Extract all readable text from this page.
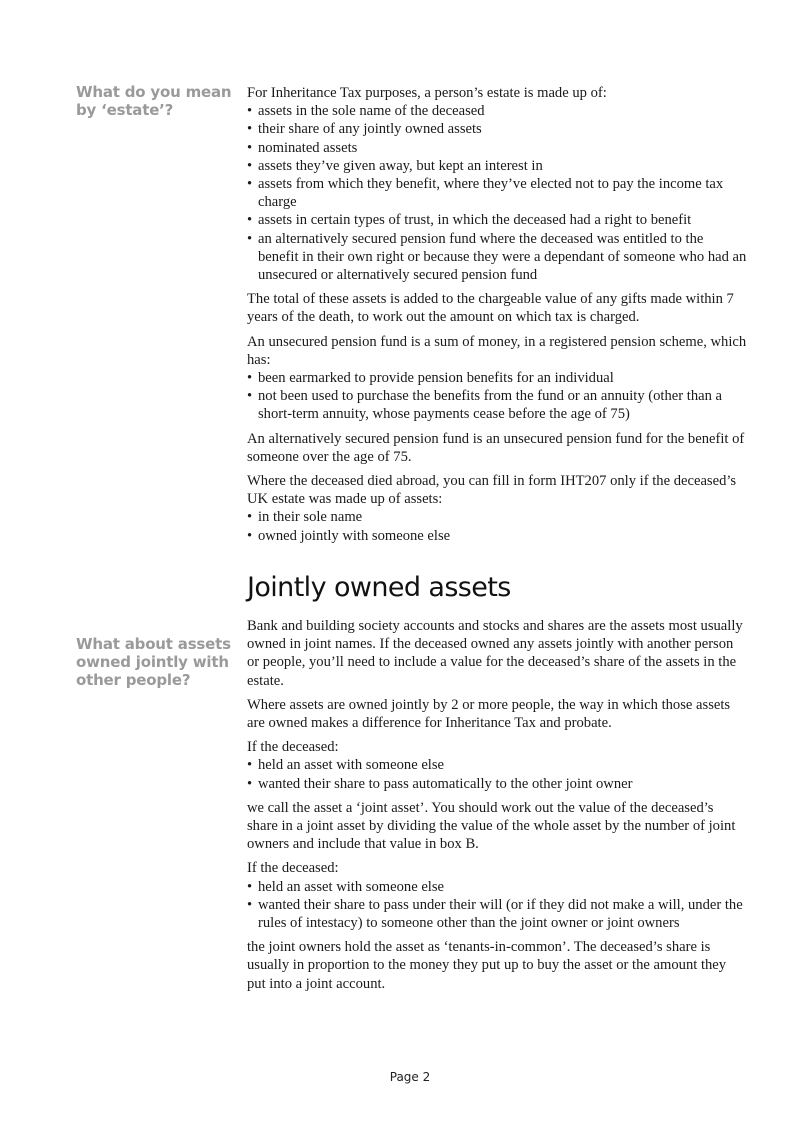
What do you mean by ‘estate’?

For Inheritance Tax purposes, a person’s estate is made up of:

• assets in the sole name of the deceased
• their share of any jointly owned assets
• nominated assets
• assets they’ve given away, but kept an interest in
• assets from which they benefit, where they’ve elected not to pay the income tax charge
• assets in certain types of trust, in which the deceased had a right to benefit
• an alternatively secured pension fund where the deceased was entitled to the benefit in their own right or because they were a dependant of someone who had an unsecured or alternatively secured pension fund

The total of these assets is added to the chargeable value of any gifts made within 7 years of the death, to work out the amount on which tax is charged.

An unsecured pension fund is a sum of money, in a registered pension scheme, which has:

• been earmarked to provide pension benefits for an individual
• not been used to purchase the benefits from the fund or an annuity (other than a short-term annuity, whose payments cease before the age of 75)

An alternatively secured pension fund is an unsecured pension fund for the benefit of someone over the age of 75.

Where the deceased died abroad, you can fill in form IHT207 only if the deceased’s UK estate was made up of assets:

• in their sole name
• owned jointly with someone else
Jointly owned assets
What about assets owned jointly with other people?

Bank and building society accounts and stocks and shares are the assets most usually owned in joint names. If the deceased owned any assets jointly with another person or people, you’ll need to include a value for the deceased’s share of the assets in the estate.

Where assets are owned jointly by 2 or more people, the way in which those assets are owned makes a difference for Inheritance Tax and probate.

If the deceased:

• held an asset with someone else
• wanted their share to pass automatically to the other joint owner

we call the asset a ‘joint asset’. You should work out the value of the deceased’s share in a joint asset by dividing the value of the whole asset by the number of joint owners and include that value in box B.

If the deceased:

• held an asset with someone else
• wanted their share to pass under their will (or if they did not make a will, under the rules of intestacy) to someone other than the joint owner or joint owners

the joint owners hold the asset as ‘tenants-in-common’. The deceased’s share is usually in proportion to the money they put up to buy the asset or the amount they put into a joint account.

Page 2
